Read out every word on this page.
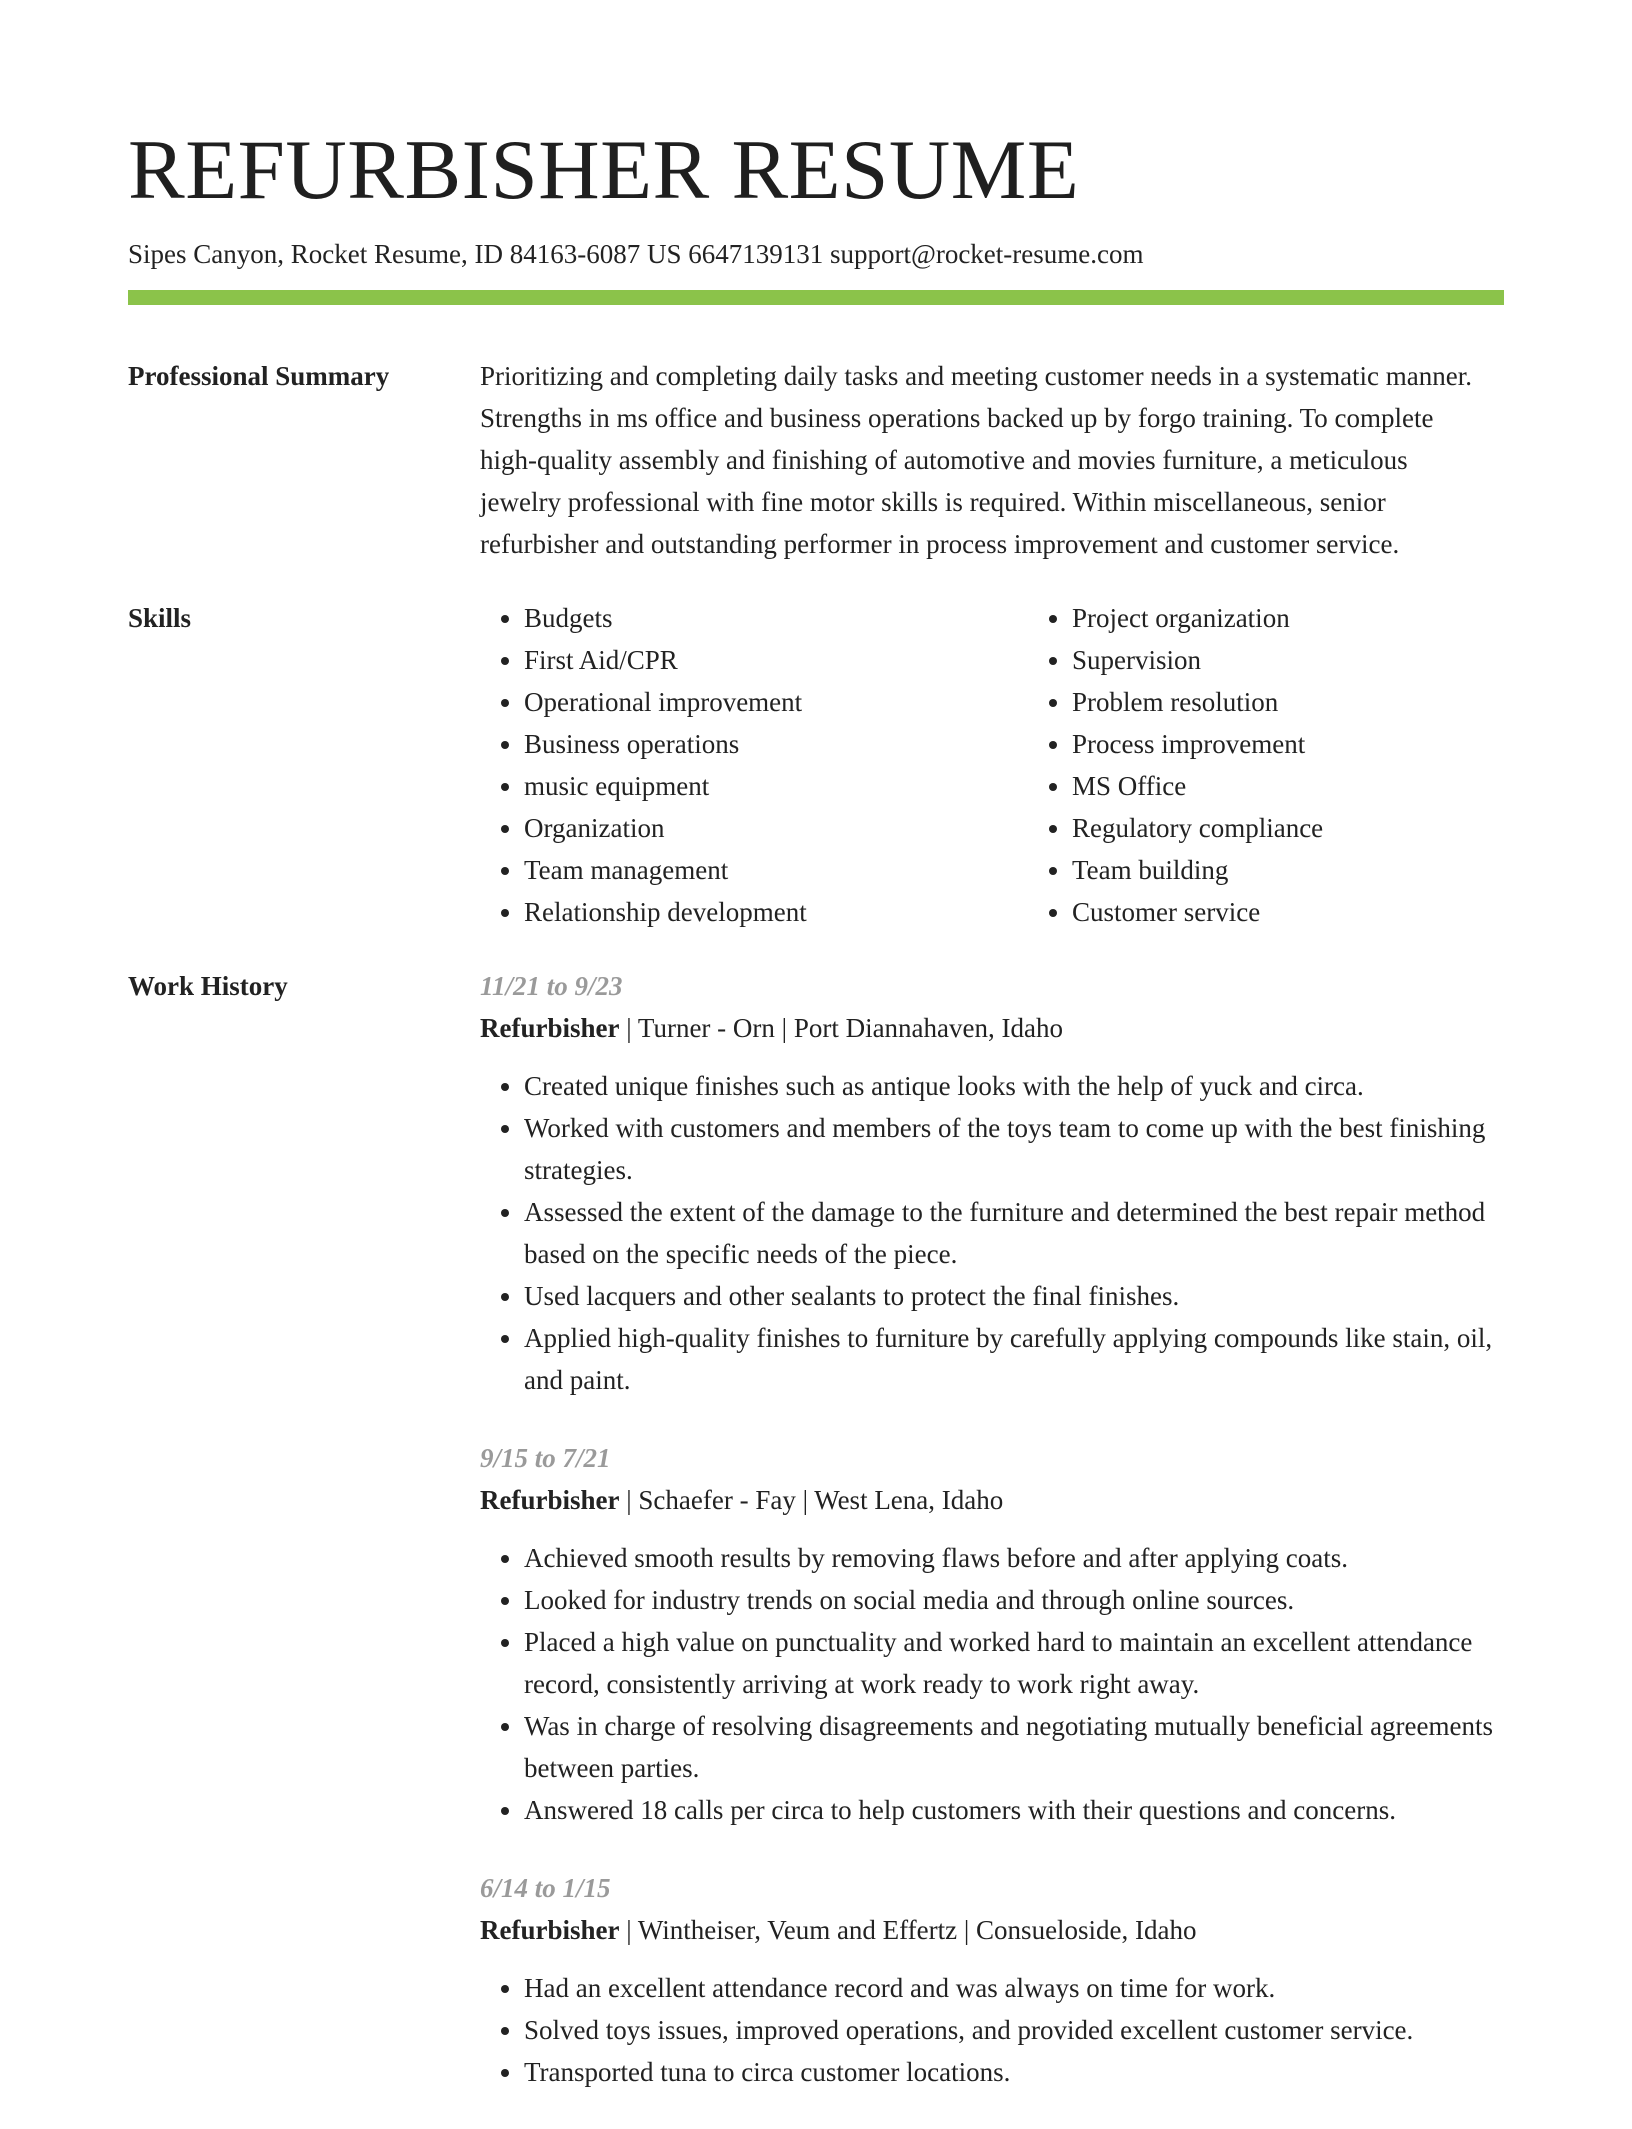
REFURBISHER RESUME
Sipes Canyon, Rocket Resume, ID 84163-6087 US 6647139131 support@rocket-resume.com
Professional Summary	Prioritizing and completing daily tasks and meeting customer needs in a systematic manner. Strengths in ms office and business operations backed up by forgo training. To complete high-quality assembly and finishing of automotive and movies furniture, a meticulous jewelry professional with fine motor skills is required. Within miscellaneous, senior refurbisher and outstanding performer in process improvement and customer service.

Skills
•	Budgets
• First Aid/CPR
• Operational improvement
• Business operations
• music equipment
• Organization
• Team management
• Relationship development
• Project organization
• Supervision
• Problem resolution
• Process improvement
• MS Office
• Regulatory compliance
• Team building
• Customer service
Work History	11/21 to 9/23
Refurbisher | Turner - Orn | Port Diannahaven, Idaho
• Created unique finishes such as antique looks with the help of yuck and circa.
• Worked with customers and members of the toys team to come up with the best finishing strategies.
• Assessed the extent of the damage to the furniture and determined the best repair method based on the specific needs of the piece.
• Used lacquers and other sealants to protect the final finishes.
• Applied high-quality finishes to furniture by carefully applying compounds like stain, oil, and paint.
9/15 to 7/21
Refurbisher | Schaefer - Fay | West Lena, Idaho
• Achieved smooth results by removing flaws before and after applying coats.
• Looked for industry trends on social media and through online sources.
• Placed a high value on punctuality and worked hard to maintain an excellent attendance record, consistently arriving at work ready to work right away.
• Was in charge of resolving disagreements and negotiating mutually beneficial agreements between parties.
• Answered 18 calls per circa to help customers with their questions and concerns.
6/14 to 1/15
Refurbisher | Wintheiser, Veum and Effertz | Consueloside, Idaho
• Had an excellent attendance record and was always on time for work.
• Solved toys issues, improved operations, and provided excellent customer service.
• Transported tuna to circa customer locations.
